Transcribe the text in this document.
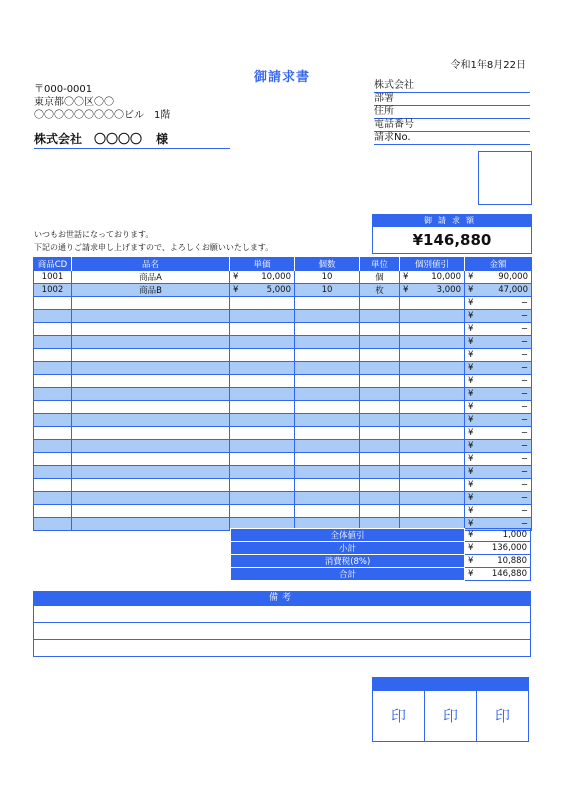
令和1年8月22日
御請求書
〒000-0001
東京都〇〇区〇〇
〇〇〇〇〇〇〇〇〇ビル　1階
株式会社　〇〇〇〇 様
株式会社
部署
住所
電話番号
請求No.
いつもお世話になっております。
下記の通りご請求申し上げますので、よろしくお願いいたします。
御請求額
¥146,880
商品CD	品名	単価	個数	単位	個別値引	金額
1001	商品A	¥ 10,000	10	個	¥ 10,000	¥ 90,000

1002	商品B	¥ 5,000	10	枚	¥ 3,000	¥ 47,000

						¥ −

						¥ −

						¥ −

						¥ −

						¥ −

						¥ −

						¥ −

						¥ −

						¥ −

						¥ −

						¥ −

						¥ −

						¥ −

						¥ −

						¥ −

						¥ −

						¥ −

						¥ −
全体値引	¥ 1,000

小計	¥ 136,000

消費税(8%)	¥ 10,880

合計	¥ 146,880
備考
印	印	印
